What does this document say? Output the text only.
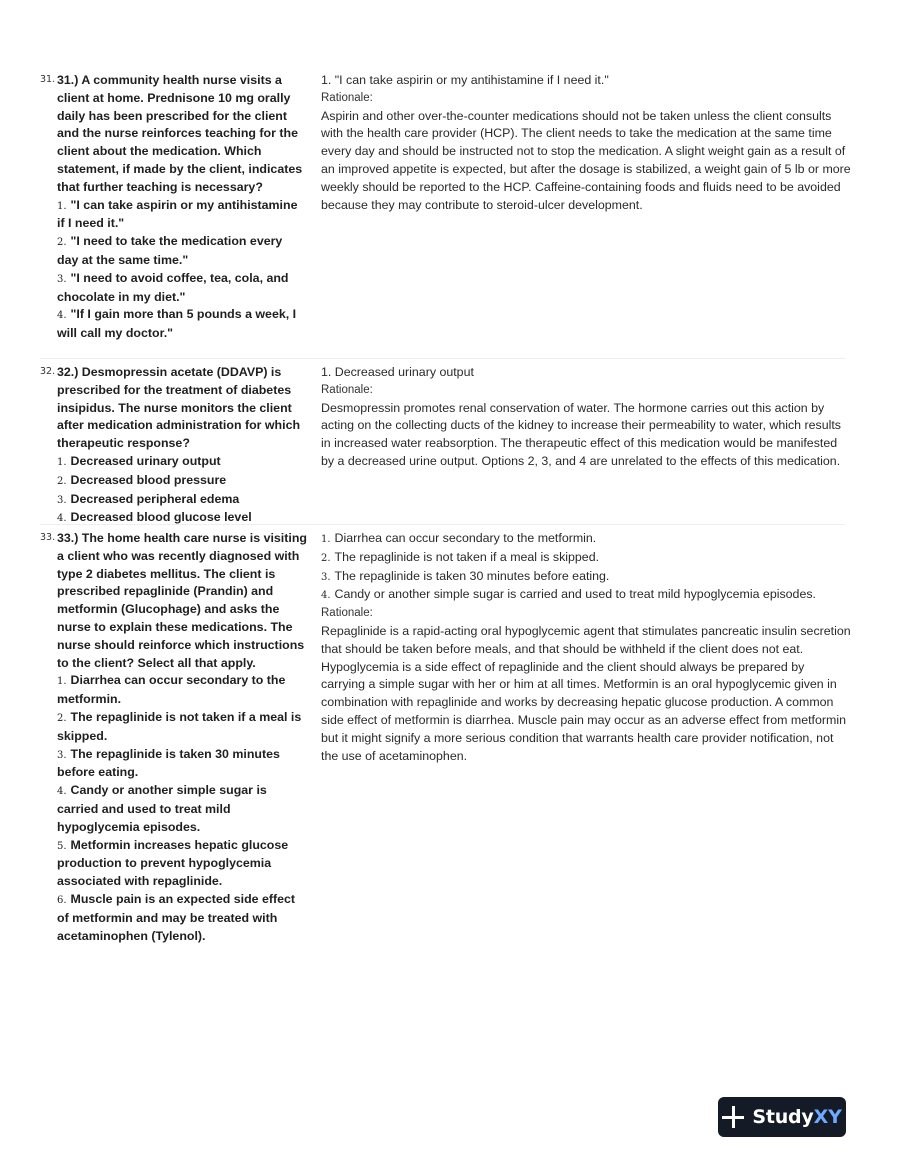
31. 31.) A community health nurse visits a client at home. Prednisone 10 mg orally daily has been prescribed for the client and the nurse reinforces teaching for the client about the medication. Which statement, if made by the client, indicates that further teaching is necessary?
1. "I can take aspirin or my antihistamine if I need it."
2. "I need to take the medication every day at the same time."
3. "I need to avoid coffee, tea, cola, and chocolate in my diet."
4. "If I gain more than 5 pounds a week, I will call my doctor."
1. "I can take aspirin or my antihistamine if I need it."
Rationale:
Aspirin and other over-the-counter medications should not be taken unless the client consults with the health care provider (HCP). The client needs to take the medication at the same time every day and should be instructed not to stop the medication. A slight weight gain as a result of an improved appetite is expected, but after the dosage is stabilized, a weight gain of 5 lb or more weekly should be reported to the HCP. Caffeine-containing foods and fluids need to be avoided because they may contribute to steroid-ulcer development.
32. 32.) Desmopressin acetate (DDAVP) is prescribed for the treatment of diabetes insipidus. The nurse monitors the client after medication administration for which therapeutic response?
1. Decreased urinary output
2. Decreased blood pressure
3. Decreased peripheral edema
4. Decreased blood glucose level
1. Decreased urinary output
Rationale:
Desmopressin promotes renal conservation of water. The hormone carries out this action by acting on the collecting ducts of the kidney to increase their permeability to water, which results in increased water reabsorption. The therapeutic effect of this medication would be manifested by a decreased urine output. Options 2, 3, and 4 are unrelated to the effects of this medication.
33. 33.) The home health care nurse is visiting a client who was recently diagnosed with type 2 diabetes mellitus. The client is prescribed repaglinide (Prandin) and metformin (Glucophage) and asks the nurse to explain these medications. The nurse should reinforce which instructions to the client? Select all that apply.
1. Diarrhea can occur secondary to the metformin.
2. The repaglinide is not taken if a meal is skipped.
3. The repaglinide is taken 30 minutes before eating.
4. Candy or another simple sugar is carried and used to treat mild hypoglycemia episodes.
5. Metformin increases hepatic glucose production to prevent hypoglycemia associated with repaglinide.
6. Muscle pain is an expected side effect of metformin and may be treated with acetaminophen (Tylenol).
1. Diarrhea can occur secondary to the metformin.
2. The repaglinide is not taken if a meal is skipped.
3. The repaglinide is taken 30 minutes before eating.
4. Candy or another simple sugar is carried and used to treat mild hypoglycemia episodes.
Rationale:
Repaglinide is a rapid-acting oral hypoglycemic agent that stimulates pancreatic insulin secretion that should be taken before meals, and that should be withheld if the client does not eat. Hypoglycemia is a side effect of repaglinide and the client should always be prepared by carrying a simple sugar with her or him at all times. Metformin is an oral hypoglycemic given in combination with repaglinide and works by decreasing hepatic glucose production. A common side effect of metformin is diarrhea. Muscle pain may occur as an adverse effect from metformin but it might signify a more serious condition that warrants health care provider notification, not the use of acetaminophen.
StudyXY
